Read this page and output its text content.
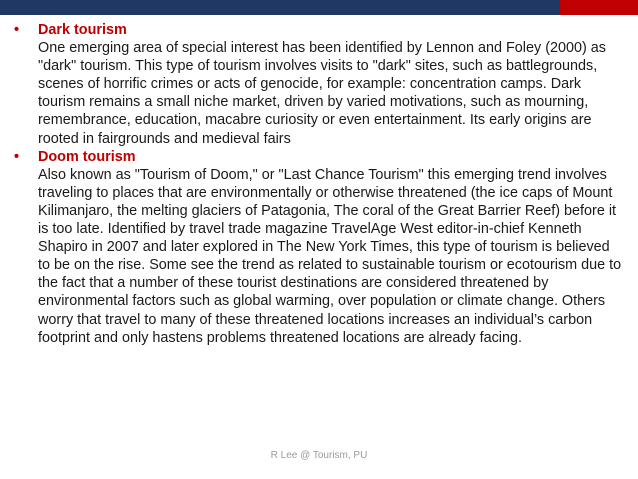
•	Dark tourism
One emerging area of special interest has been identified by Lennon and Foley (2000) as "dark" tourism. This type of tourism involves visits to "dark" sites, such as battlegrounds, scenes of horrific crimes or acts of genocide, for example: concentration camps. Dark tourism remains a small niche market, driven by varied motivations, such as mourning, remembrance, education, macabre curiosity or even entertainment. Its early origins are rooted in fairgrounds and medieval fairs
•	Doom tourism
Also known as "Tourism of Doom," or "Last Chance Tourism" this emerging trend involves traveling to places that are environmentally or otherwise threatened (the ice caps of Mount Kilimanjaro, the melting glaciers of Patagonia, The coral of the Great Barrier Reef) before it is too late. Identified by travel trade magazine TravelAge West editor-in-chief Kenneth Shapiro in 2007 and later explored in The New York Times, this type of tourism is believed to be on the rise. Some see the trend as related to sustainable tourism or ecotourism due to the fact that a number of these tourist destinations are considered threatened by environmental factors such as global warming, over population or climate change. Others worry that travel to many of these threatened locations increases an individual’s carbon footprint and only hastens problems threatened locations are already facing.
R Lee @ Tourism, PU
